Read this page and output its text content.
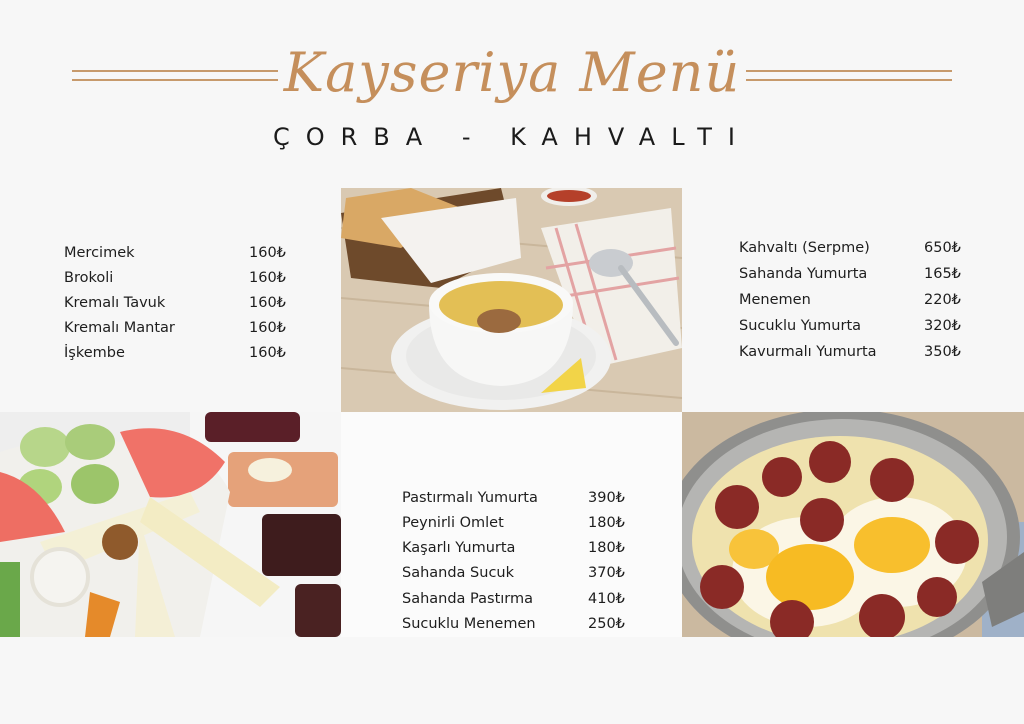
Kayseriya Menü
ÇORBA - KAHVALTI
Mercimek	160₺
Brokoli	160₺
Kremalı Tavuk	160₺
Kremalı Mantar	160₺
İşkembe	160₺
Kahvaltı (Serpme)	650₺
Sahanda Yumurta	165₺
Menemen	220₺
Sucuklu Yumurta	320₺
Kavurmalı Yumurta	350₺
Pastırmalı Yumurta	390₺
Peynirli Omlet	180₺
Kaşarlı Yumurta	180₺
Sahanda Sucuk	370₺
Sahanda Pastırma	410₺
Sucuklu Menemen	250₺
